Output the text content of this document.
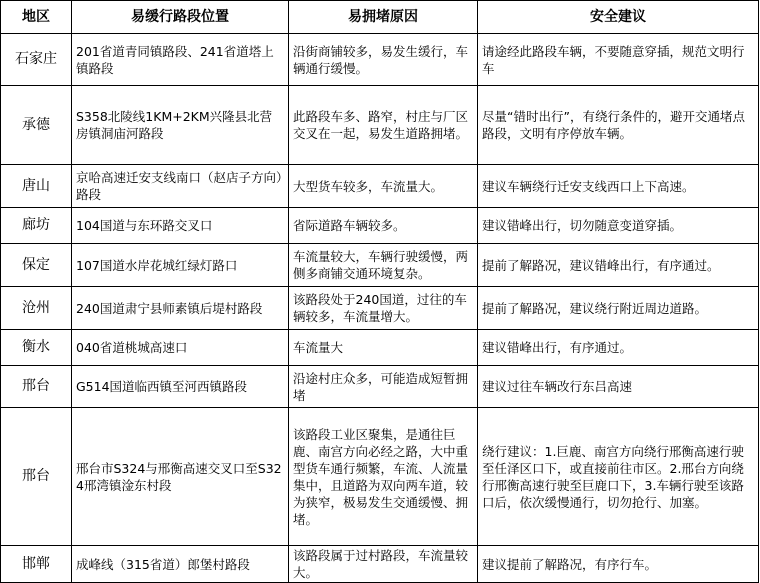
地区	易缓行路段位置	易拥堵原因	安全建议
石家庄	201省道青同镇路段、241省道塔上镇路段	沿街商铺较多，易发生缓行，车辆通行缓慢。	请途经此路段车辆，不要随意穿插，规范文明行车
承德	S358北陵线1KM+2KM兴隆县北营房镇洞庙河路段	此路段车多、路窄，村庄与厂区交叉在一起，易发生道路拥堵。	尽量“错时出行”，有绕行条件的，避开交通堵点路段，文明有序停放车辆。
唐山	京哈高速迁安支线南口（赵店子方向）路段	大型货车较多，车流量大。	建议车辆绕行迁安支线西口上下高速。
廊坊	104国道与东环路交叉口	省际道路车辆较多。	建议错峰出行，切勿随意变道穿插。
保定	107国道水岸花城红绿灯路口	车流量较大，车辆行驶缓慢，两侧多商铺交通环境复杂。	提前了解路况，建议错峰出行，有序通过。
沧州	240国道肃宁县师素镇后堤村路段	该路段处于240国道，过往的车辆较多，车流量增大。	提前了解路况，建议绕行附近周边道路。
衡水	040省道桃城高速口	车流量大	建议错峰出行，有序通过。
邢台	G514国道临西镇至河西镇路段	沿途村庄众多，可能造成短暂拥堵	建议过往车辆改行东吕高速
邢台	邢台市S324与邢衡高速交叉口至S324邢湾镇淦东村段	该路段工业区聚集，是通往巨鹿、南宫方向必经之路，大中重型货车通行频繁，车流、人流量集中，且道路为双向两车道，较为狭窄，极易发生交通缓慢、拥堵。	绕行建议：1.巨鹿、南宫方向绕行邢衡高速行驶至任泽区口下，或直接前往市区。2.邢台方向绕行邢衡高速行驶至巨鹿口下，3.车辆行驶至该路口后，依次缓慢通行，切勿抢行、加塞。
邯郸	成峰线（315省道）郎堡村路段	该路段属于过村路段，车流量较大。	建议提前了解路况，有序行车。
